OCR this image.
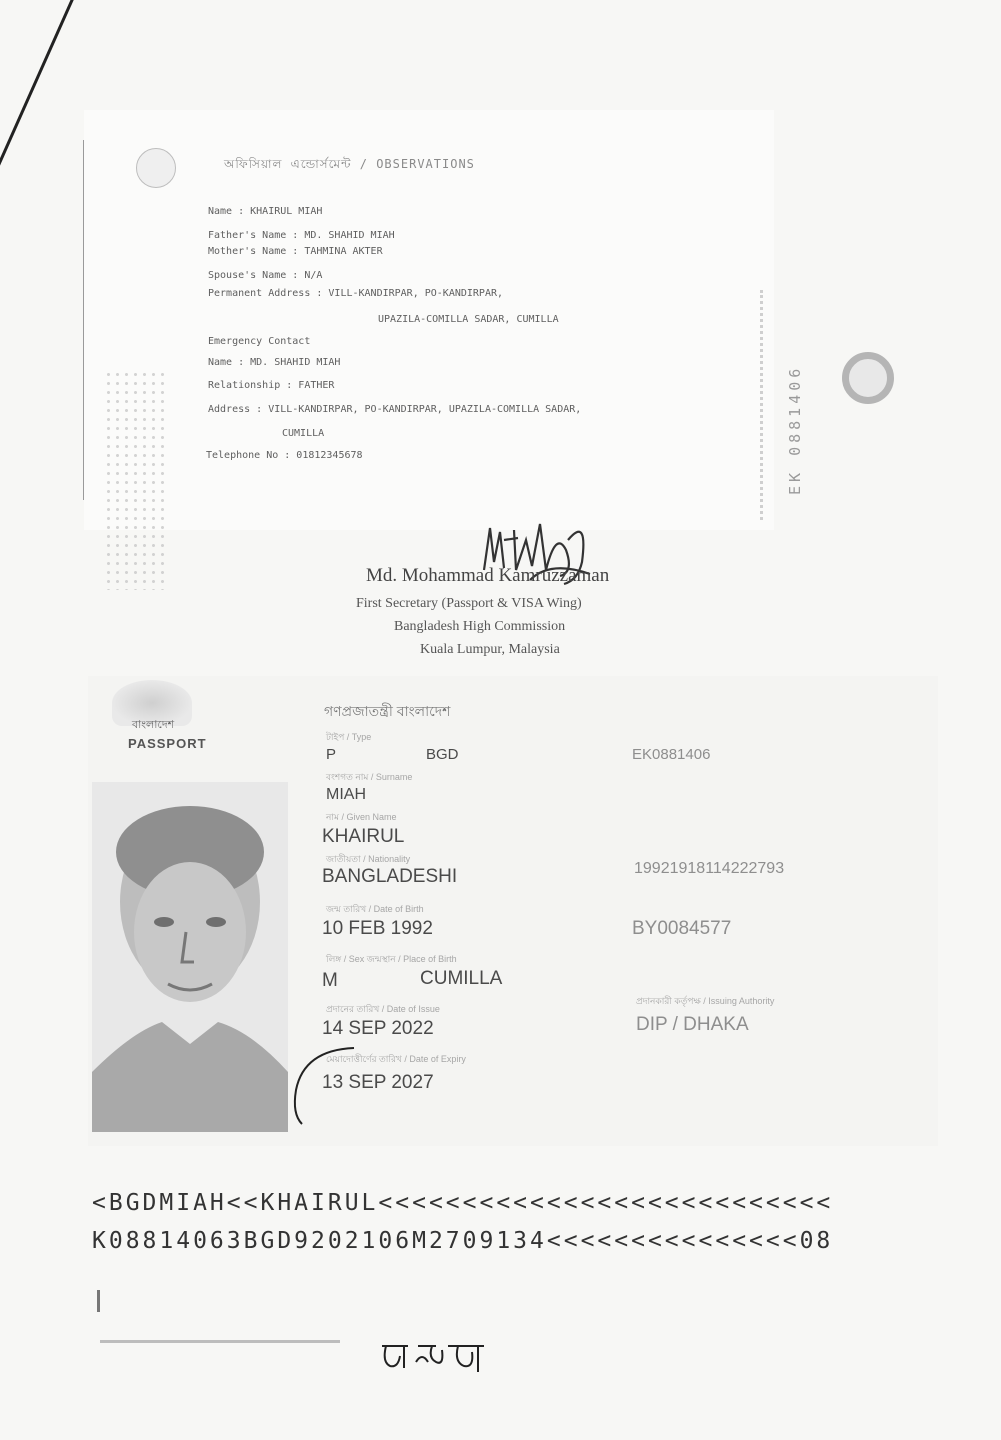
অফিসিয়াল এন্ডোর্সমেন্ট / OBSERVATIONS
Name : KHAIRUL MIAH
Father's Name : MD. SHAHID MIAH
Mother's Name : TAHMINA AKTER
Spouse's Name : N/A
Permanent Address : VILL-KANDIRPAR, PO-KANDIRPAR,
UPAZILA-COMILLA SADAR, CUMILLA
Emergency Contact
Name : MD. SHAHID MIAH
Relationship : FATHER
Address : VILL-KANDIRPAR, PO-KANDIRPAR, UPAZILA-COMILLA SADAR,
CUMILLA
Telephone No : 01812345678	EK 0881406
Md. Mohammad Kamruzzaman
First Secretary (Passport & VISA Wing)
Bangladesh High Commission
Kuala Lumpur, Malaysia
বাংলাদেশ
PASSPORT
গণপ্রজাতন্ত্রী বাংলাদেশ
টাইপ / Type
P	BGD	EK0881406
বংশগত নাম / Surname
MIAH
নাম / Given Name
KHAIRUL
জাতীয়তা / Nationality
BANGLADESHI	19921918114222793
জন্ম তারিখ / Date of Birth
10 FEB 1992	BY0084577
লিঙ্গ / Sex জন্মস্থান / Place of Birth
M	CUMILLA
প্রদানের তারিখ / Date of Issue
14 SEP 2022
প্রদানকারী কর্তৃপক্ষ / Issuing Authority
DIP / DHAKA
মেয়াদোত্তীর্ণের তারিখ / Date of Expiry
13 SEP 2027
<BGDMIAH<<KHAIRUL<<<<<<<<<<<<<<<<<<<<<<<<<<<
K08814063BGD9202106M2709134<<<<<<<<<<<<<<<08
